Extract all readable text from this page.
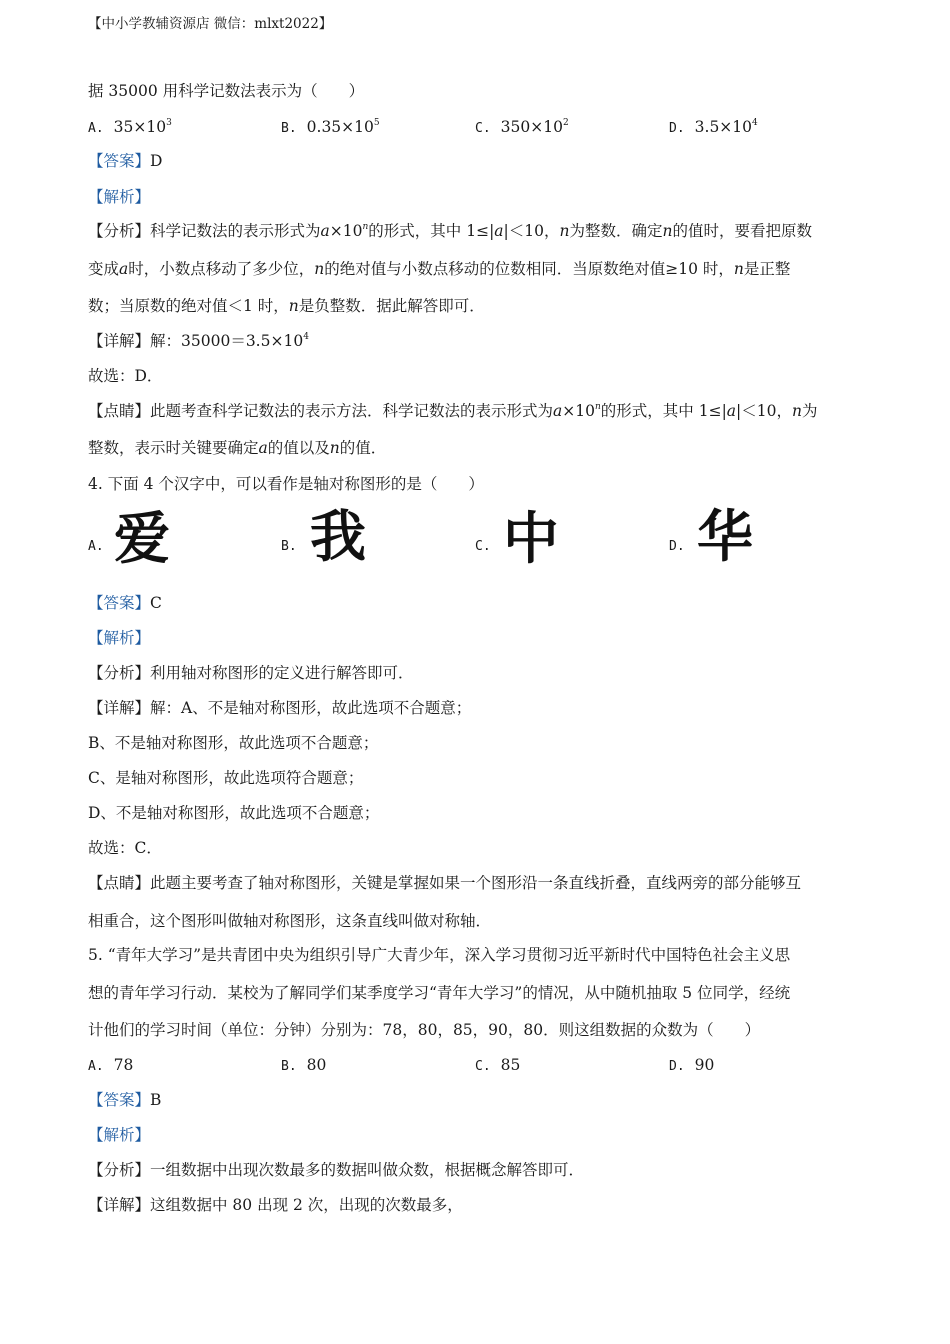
【中小学教辅资源店 微信：mlxt2022】
据 35000 用科学记数法表示为（　　）
A. $35\times 10^3$	B. $0.35\times 10^5$	C. $350\times 10^2$	D. $3.5\times 10^4$
【答案】D
【解析】
【分析】科学记数法的表示形式为$a\times 10^n$的形式，其中 1≤|a|＜10，n为整数．确定n的值时，要看把原数
变成a时，小数点移动了多少位，n的绝对值与小数点移动的位数相同．当原数绝对值≥10 时，n是正整
数；当原数的绝对值＜1 时，n是负整数．据此解答即可．
【详解】解：$35000=3.5\times 10^4$
故选：D．
【点睛】此题考查科学记数法的表示方法．科学记数法的表示形式为$a\times 10^n$的形式，其中 1≤|a|＜10，n为
整数，表示时关键要确定a的值以及n的值．
4. 下面 4 个汉字中，可以看作是轴对称图形的是（　　）
A. 爱	B. 我	C. 中	D. 华
【答案】C
【解析】
【分析】利用轴对称图形的定义进行解答即可．
【详解】解：A、不是轴对称图形，故此选项不合题意；
B、不是轴对称图形，故此选项不合题意；
C、是轴对称图形，故此选项符合题意；
D、不是轴对称图形，故此选项不合题意；
故选：C．
【点睛】此题主要考查了轴对称图形，关键是掌握如果一个图形沿一条直线折叠，直线两旁的部分能够互
相重合，这个图形叫做轴对称图形，这条直线叫做对称轴．
5. “青年大学习”是共青团中央为组织引导广大青少年，深入学习贯彻习近平新时代中国特色社会主义思
想的青年学习行动．某校为了解同学们某季度学习“青年大学习”的情况，从中随机抽取 5 位同学，经统
计他们的学习时间（单位：分钟）分别为：78，80，85，90，80．则这组数据的众数为（　　）
A. 78	B. 80	C. 85	D. 90
【答案】B
【解析】
【分析】一组数据中出现次数最多的数据叫做众数，根据概念解答即可．
【详解】这组数据中 80 出现 2 次，出现的次数最多，
